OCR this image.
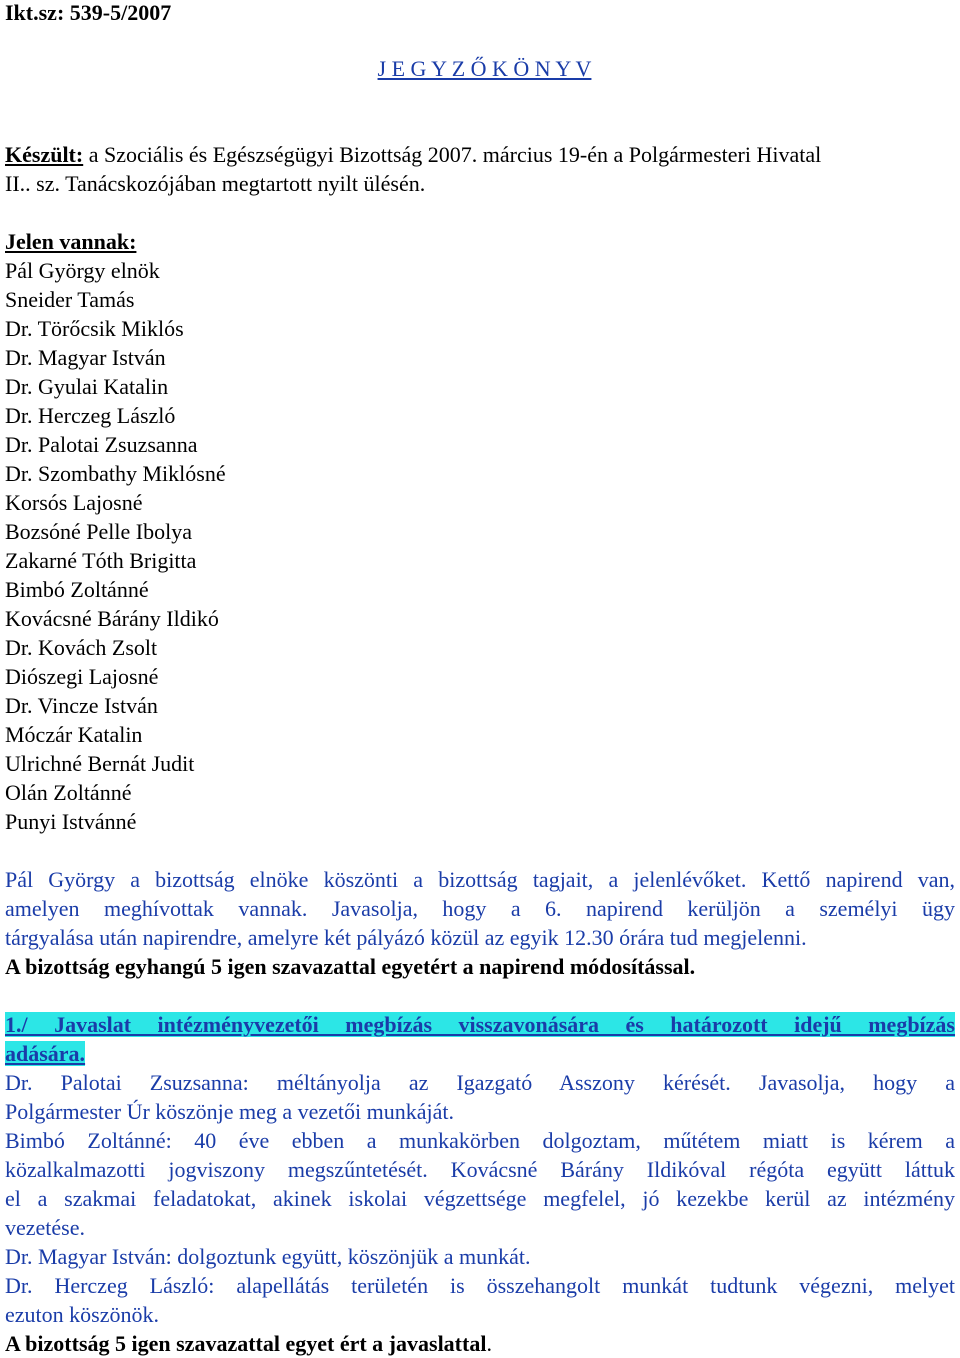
Ikt.sz: 539-5/2007
J E G Y Z Ő K Ö N Y V
Készült: a Szociális és Egészségügyi Bizottság 2007. március 19-én a Polgármesteri Hivatal
II.. sz. Tanácskozójában megtartott nyilt ülésén.
Jelen vannak:
Pál György elnök
Sneider Tamás
Dr. Törőcsik Miklós
Dr. Magyar István
Dr. Gyulai Katalin
Dr. Herczeg László
Dr. Palotai Zsuzsanna
Dr. Szombathy Miklósné
Korsós Lajosné
Bozsóné Pelle Ibolya
Zakarné Tóth Brigitta
Bimbó Zoltánné
Kovácsné Bárány Ildikó
Dr. Kovách Zsolt
Diószegi Lajosné
Dr. Vincze István
Móczár Katalin
Ulrichné Bernát Judit
Olán Zoltánné
Punyi Istvánné
Pál György a bizottság elnöke köszönti a bizottság tagjait, a jelenlévőket. Kettő napirend van,
amelyen meghívottak vannak. Javasolja, hogy a 6. napirend kerüljön a személyi ügy
tárgyalása után napirendre, amelyre két pályázó közül az egyik 12.30 órára tud megjelenni.
A bizottság egyhangú 5 igen szavazattal egyetért a napirend módosítással.
1./ Javaslat intézményvezetői megbízás visszavonására és határozott idejű megbízás
adására.
Dr. Palotai Zsuzsanna: méltányolja az Igazgató Asszony kérését. Javasolja, hogy a
Polgármester Úr köszönje meg a vezetői munkáját.
Bimbó Zoltánné: 40 éve ebben a munkakörben dolgoztam, műtétem miatt is kérem a
közalkalmazotti jogviszony megszűntetését. Kovácsné Bárány Ildikóval régóta együtt láttuk
el a szakmai feladatokat, akinek iskolai végzettsége megfelel, jó kezekbe kerül az intézmény
vezetése.
Dr. Magyar István: dolgoztunk együtt, köszönjük a munkát.
Dr. Herczeg László: alapellátás területén is összehangolt munkát tudtunk végezni, melyet
ezuton köszönök.
A bizottság 5 igen szavazattal egyet ért a javaslattal.
